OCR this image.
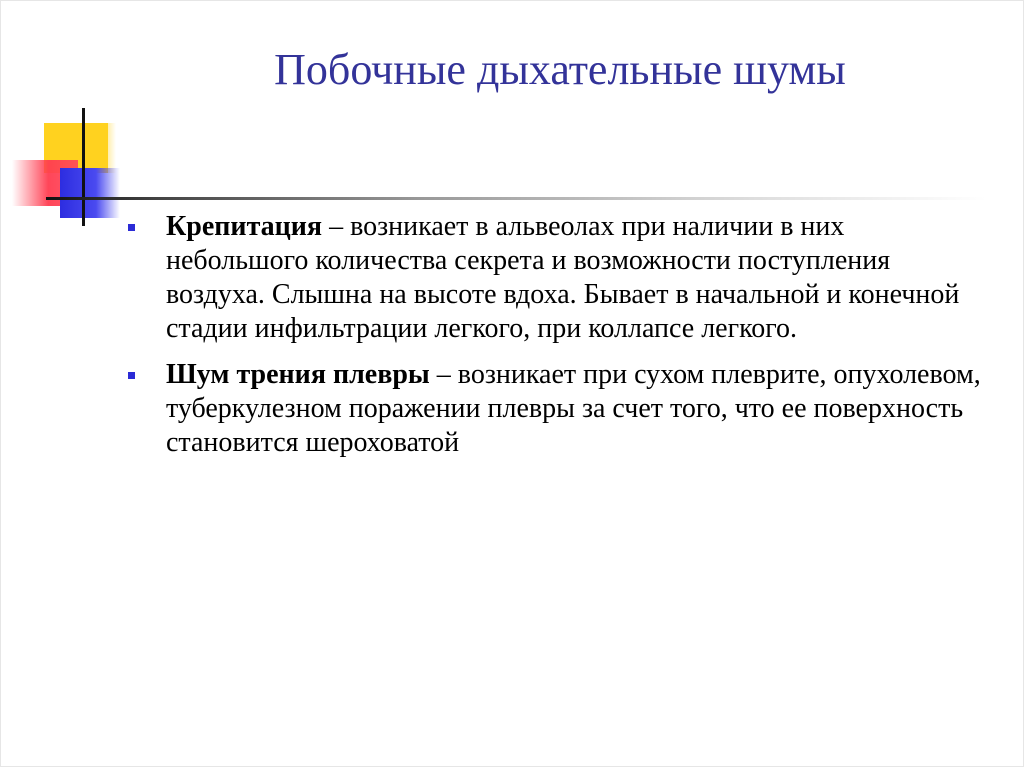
Побочные дыхательные шумы
Крепитация – возникает в альвеолах при наличии в них небольшого количества секрета и возможности поступления воздуха. Слышна на высоте вдоха. Бывает в начальной и конечной стадии инфильтрации легкого, при коллапсе легкого.
Шум трения плевры – возникает при сухом плеврите, опухолевом, туберкулезном поражении плевры за счет того, что ее поверхность становится шероховатой
